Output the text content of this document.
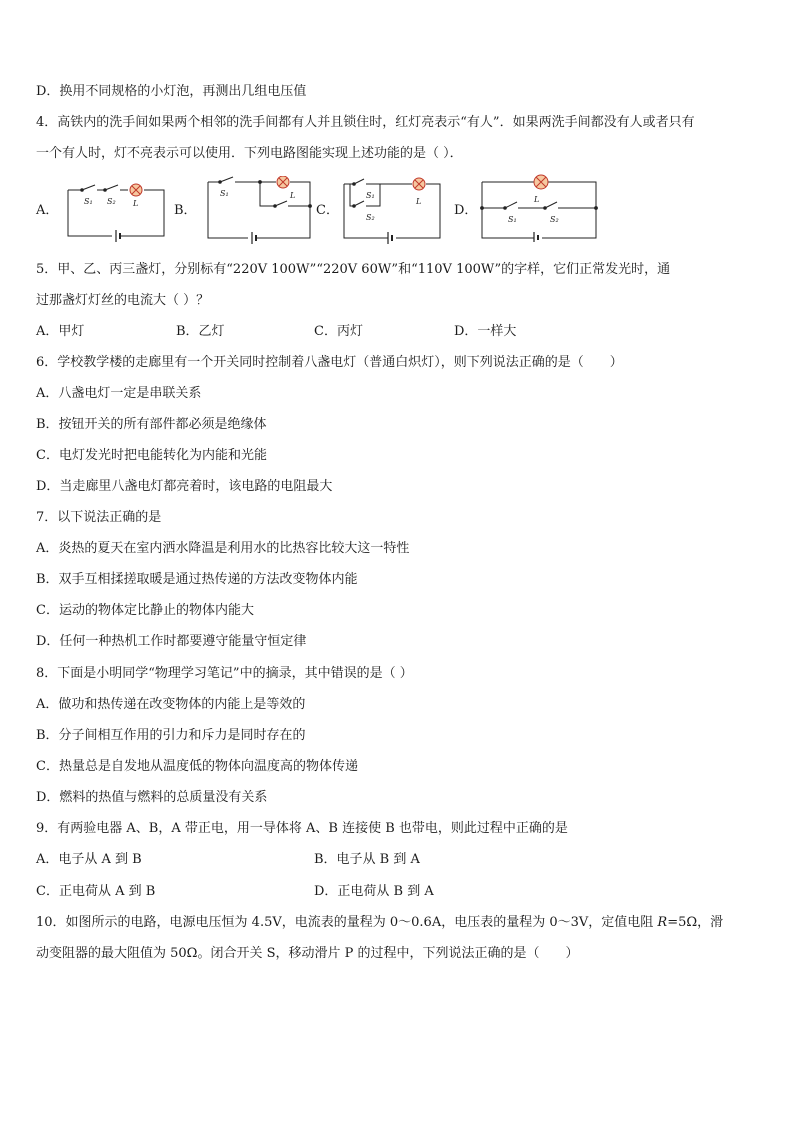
D．换用不同规格的小灯泡，再测出几组电压值
4．高铁内的洗手间如果两个相邻的洗手间都有人并且锁住时，红灯亮表示“有人”．如果两洗手间都没有人或者只有
一个有人时，灯不亮表示可以使用．下列电路图能实现上述功能的是（ ）．
A．	B．	C．	D．
S₁ S₂ L
S₁	L	S₁
S₂
L
S₁	S₂
L
5．甲、乙、丙三盏灯，分别标有“220V 100W”“220V 60W”和“110V 100W”的字样，它们正常发光时，通
过那盏灯灯丝的电流大（ ）？
A．甲灯	B．乙灯	C．丙灯	D．一样大
6．学校教学楼的走廊里有一个开关同时控制着八盏电灯（普通白炽灯），则下列说法正确的是（　　）
A．八盏电灯一定是串联关系
B．按钮开关的所有部件都必须是绝缘体
C．电灯发光时把电能转化为内能和光能
D．当走廊里八盏电灯都亮着时，该电路的电阻最大
7．以下说法正确的是
A．炎热的夏天在室内洒水降温是利用水的比热容比较大这一特性
B．双手互相揉搓取暖是通过热传递的方法改变物体内能
C．运动的物体定比静止的物体内能大
D．任何一种热机工作时都要遵守能量守恒定律
8．下面是小明同学“物理学习笔记”中的摘录，其中错误的是（ ）
A．做功和热传递在改变物体的内能上是等效的
B．分子间相互作用的引力和斥力是同时存在的
C．热量总是自发地从温度低的物体向温度高的物体传递
D．燃料的热值与燃料的总质量没有关系
9．有两验电器 A、B，A 带正电，用一导体将 A、B 连接使 B 也带电，则此过程中正确的是
A．电子从 A 到 B	B．电子从 B 到 A
C．正电荷从 A 到 B	D．正电荷从 B 到 A
10．如图所示的电路，电源电压恒为 4.5V，电流表的量程为 0～0.6A，电压表的量程为 0～3V，定值电阻 R=5Ω，滑
动变阻器的最大阻值为 50Ω。闭合开关 S，移动滑片 P 的过程中，下列说法正确的是（　　）
